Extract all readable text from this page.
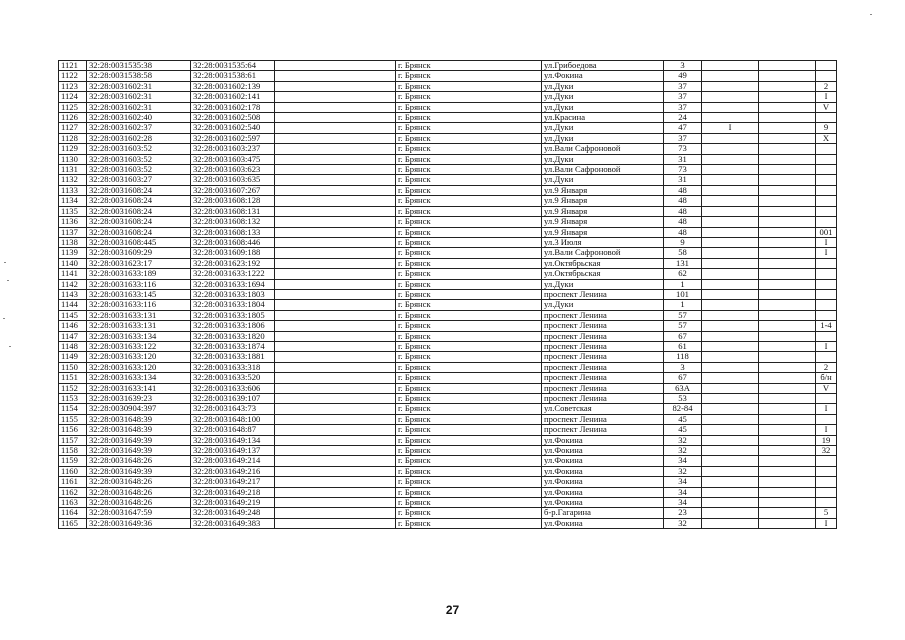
1121	32:28:0031535:38	32:28:0031535:64		г. Брянск	ул.Грибоедова	3			
1122	32:28:0031538:58	32:28:0031538:61		г. Брянск	ул.Фокина	49			
1123	32:28:0031602:31	32:28:0031602:139		г. Брянск	ул.Дуки	37			2
1124	32:28:0031602:31	32:28:0031602:141		г. Брянск	ул.Дуки	37			I
1125	32:28:0031602:31	32:28:0031602:178		г. Брянск	ул.Дуки	37			V
1126	32:28:0031602:40	32:28:0031602:508		г. Брянск	ул.Красина	24			
1127	32:28:0031602:37	32:28:0031602:540		г. Брянск	ул.Дуки	47	I		9
1128	32:28:0031602:28	32:28:0031602:597		г. Брянск	ул.Дуки	37			X
1129	32:28:0031603:52	32:28:0031603:237		г. Брянск	ул.Вали Сафроновой	73			
1130	32:28:0031603:52	32:28:0031603:475		г. Брянск	ул.Дуки	31			
1131	32:28:0031603:52	32:28:0031603:623		г. Брянск	ул.Вали Сафроновой	73			
1132	32:28:0031603:27	32:28:0031603:635		г. Брянск	ул.Дуки	31			
1133	32:28:0031608:24	32:28:0031607:267		г. Брянск	ул.9 Января	48			
1134	32:28:0031608:24	32:28:0031608:128		г. Брянск	ул.9 Января	48			
1135	32:28:0031608:24	32:28:0031608:131		г. Брянск	ул.9 Января	48			
1136	32:28:0031608:24	32:28:0031608:132		г. Брянск	ул.9 Января	48			
1137	32:28:0031608:24	32:28:0031608:133		г. Брянск	ул.9 Января	48			001
1138	32:28:0031608:445	32:28:0031608:446		г. Брянск	ул.3 Июля	9			I
1139	32:28:0031609:29	32:28:0031609:188		г. Брянск	ул.Вали Сафроновой	58			I
1140	32:28:0031623:17	32:28:0031623:192		г. Брянск	ул.Октябрьская	131			
1141	32:28:0031633:189	32:28:0031633:1222		г. Брянск	ул.Октябрьская	62			
1142	32:28:0031633:116	32:28:0031633:1694		г. Брянск	ул.Дуки	1			
1143	32:28:0031633:145	32:28:0031633:1803		г. Брянск	проспект Ленина	101			
1144	32:28:0031633:116	32:28:0031633:1804		г. Брянск	ул.Дуки	1			
1145	32:28:0031633:131	32:28:0031633:1805		г. Брянск	проспект Ленина	57			
1146	32:28:0031633:131	32:28:0031633:1806		г. Брянск	проспект Ленина	57			1-4
1147	32:28:0031633:134	32:28:0031633:1820		г. Брянск	проспект Ленина	67			
1148	32:28:0031633:122	32:28:0031633:1874		г. Брянск	проспект Ленина	61			I
1149	32:28:0031633:120	32:28:0031633:1881		г. Брянск	проспект Ленина	118			
1150	32:28:0031633:120	32:28:0031633:318		г. Брянск	проспект Ленина	3			2
1151	32:28:0031633:134	32:28:0031633:520		г. Брянск	проспект Ленина	67			б/н
1152	32:28:0031633:141	32:28:0031633:606		г. Брянск	проспект Ленина	63А			V
1153	32:28:0031639:23	32:28:0031639:107		г. Брянск	проспект Ленина	53			
1154	32:28:0030904:397	32:28:0031643:73		г. Брянск	ул.Советская	82-84			I
1155	32:28:0031648:39	32:28:0031648:100		г. Брянск	проспект Ленина	45			
1156	32:28:0031648:39	32:28:0031648:87		г. Брянск	проспект Ленина	45			I
1157	32:28:0031649:39	32:28:0031649:134		г. Брянск	ул.Фокина	32			19
1158	32:28:0031649:39	32:28:0031649:137		г. Брянск	ул.Фокина	32			32
1159	32:28:0031648:26	32:28:0031649:214		г. Брянск	ул.Фокина	34			
1160	32:28:0031649:39	32:28:0031649:216		г. Брянск	ул.Фокина	32			
1161	32:28:0031648:26	32:28:0031649:217		г. Брянск	ул.Фокина	34			
1162	32:28:0031648:26	32:28:0031649:218		г. Брянск	ул.Фокина	34			
1163	32:28:0031648:26	32:28:0031649:219		г. Брянск	ул.Фокина	34			
1164	32:28:0031647:59	32:28:0031649:248		г. Брянск	б-р.Гагарина	23			5
1165	32:28:0031649:36	32:28:0031649:383		г. Брянск	ул.Фокина	32			I
27
